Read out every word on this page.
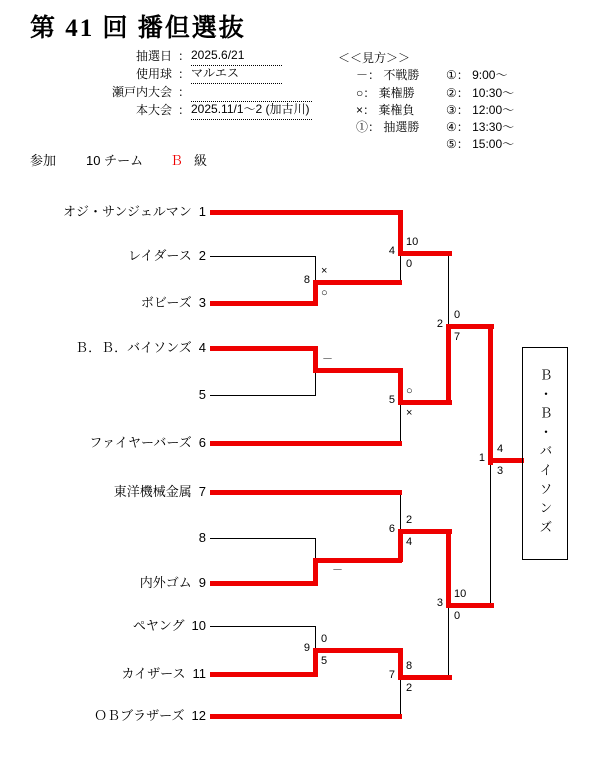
第 41 回 播但選抜
抽選日 ： 2025.6/21
使用球 ： マルエス
瀬戸内大会 ：
本大会 ： 2025.11/1～2 (加古川)
＜＜見方＞＞
－： 不戦勝
○： 棄権勝
×： 棄権負
①： 抽選勝
①： 9:00～
②： 10:30～
③： 12:00～
④： 13:30～
⑤： 15:00～
参加 10 チーム Ｂ 級
オジ・サンジェルマン 1
レイダース 2
ボビーズ 3
Ｂ．Ｂ．バイソンズ 4
5
ファイヤーバーズ 6
東洋機械金属 7
8
内外ゴム 9
ペヤング 10
カイザース 11
ＯＢブラザーズ 12
8
×
○
－
－
9
0
5
4
10
0
5
○
×
6
2
4
7
8
2
2
0
7
3
10
0
1
4
3	Ｂ・Ｂ・バイソンズ
